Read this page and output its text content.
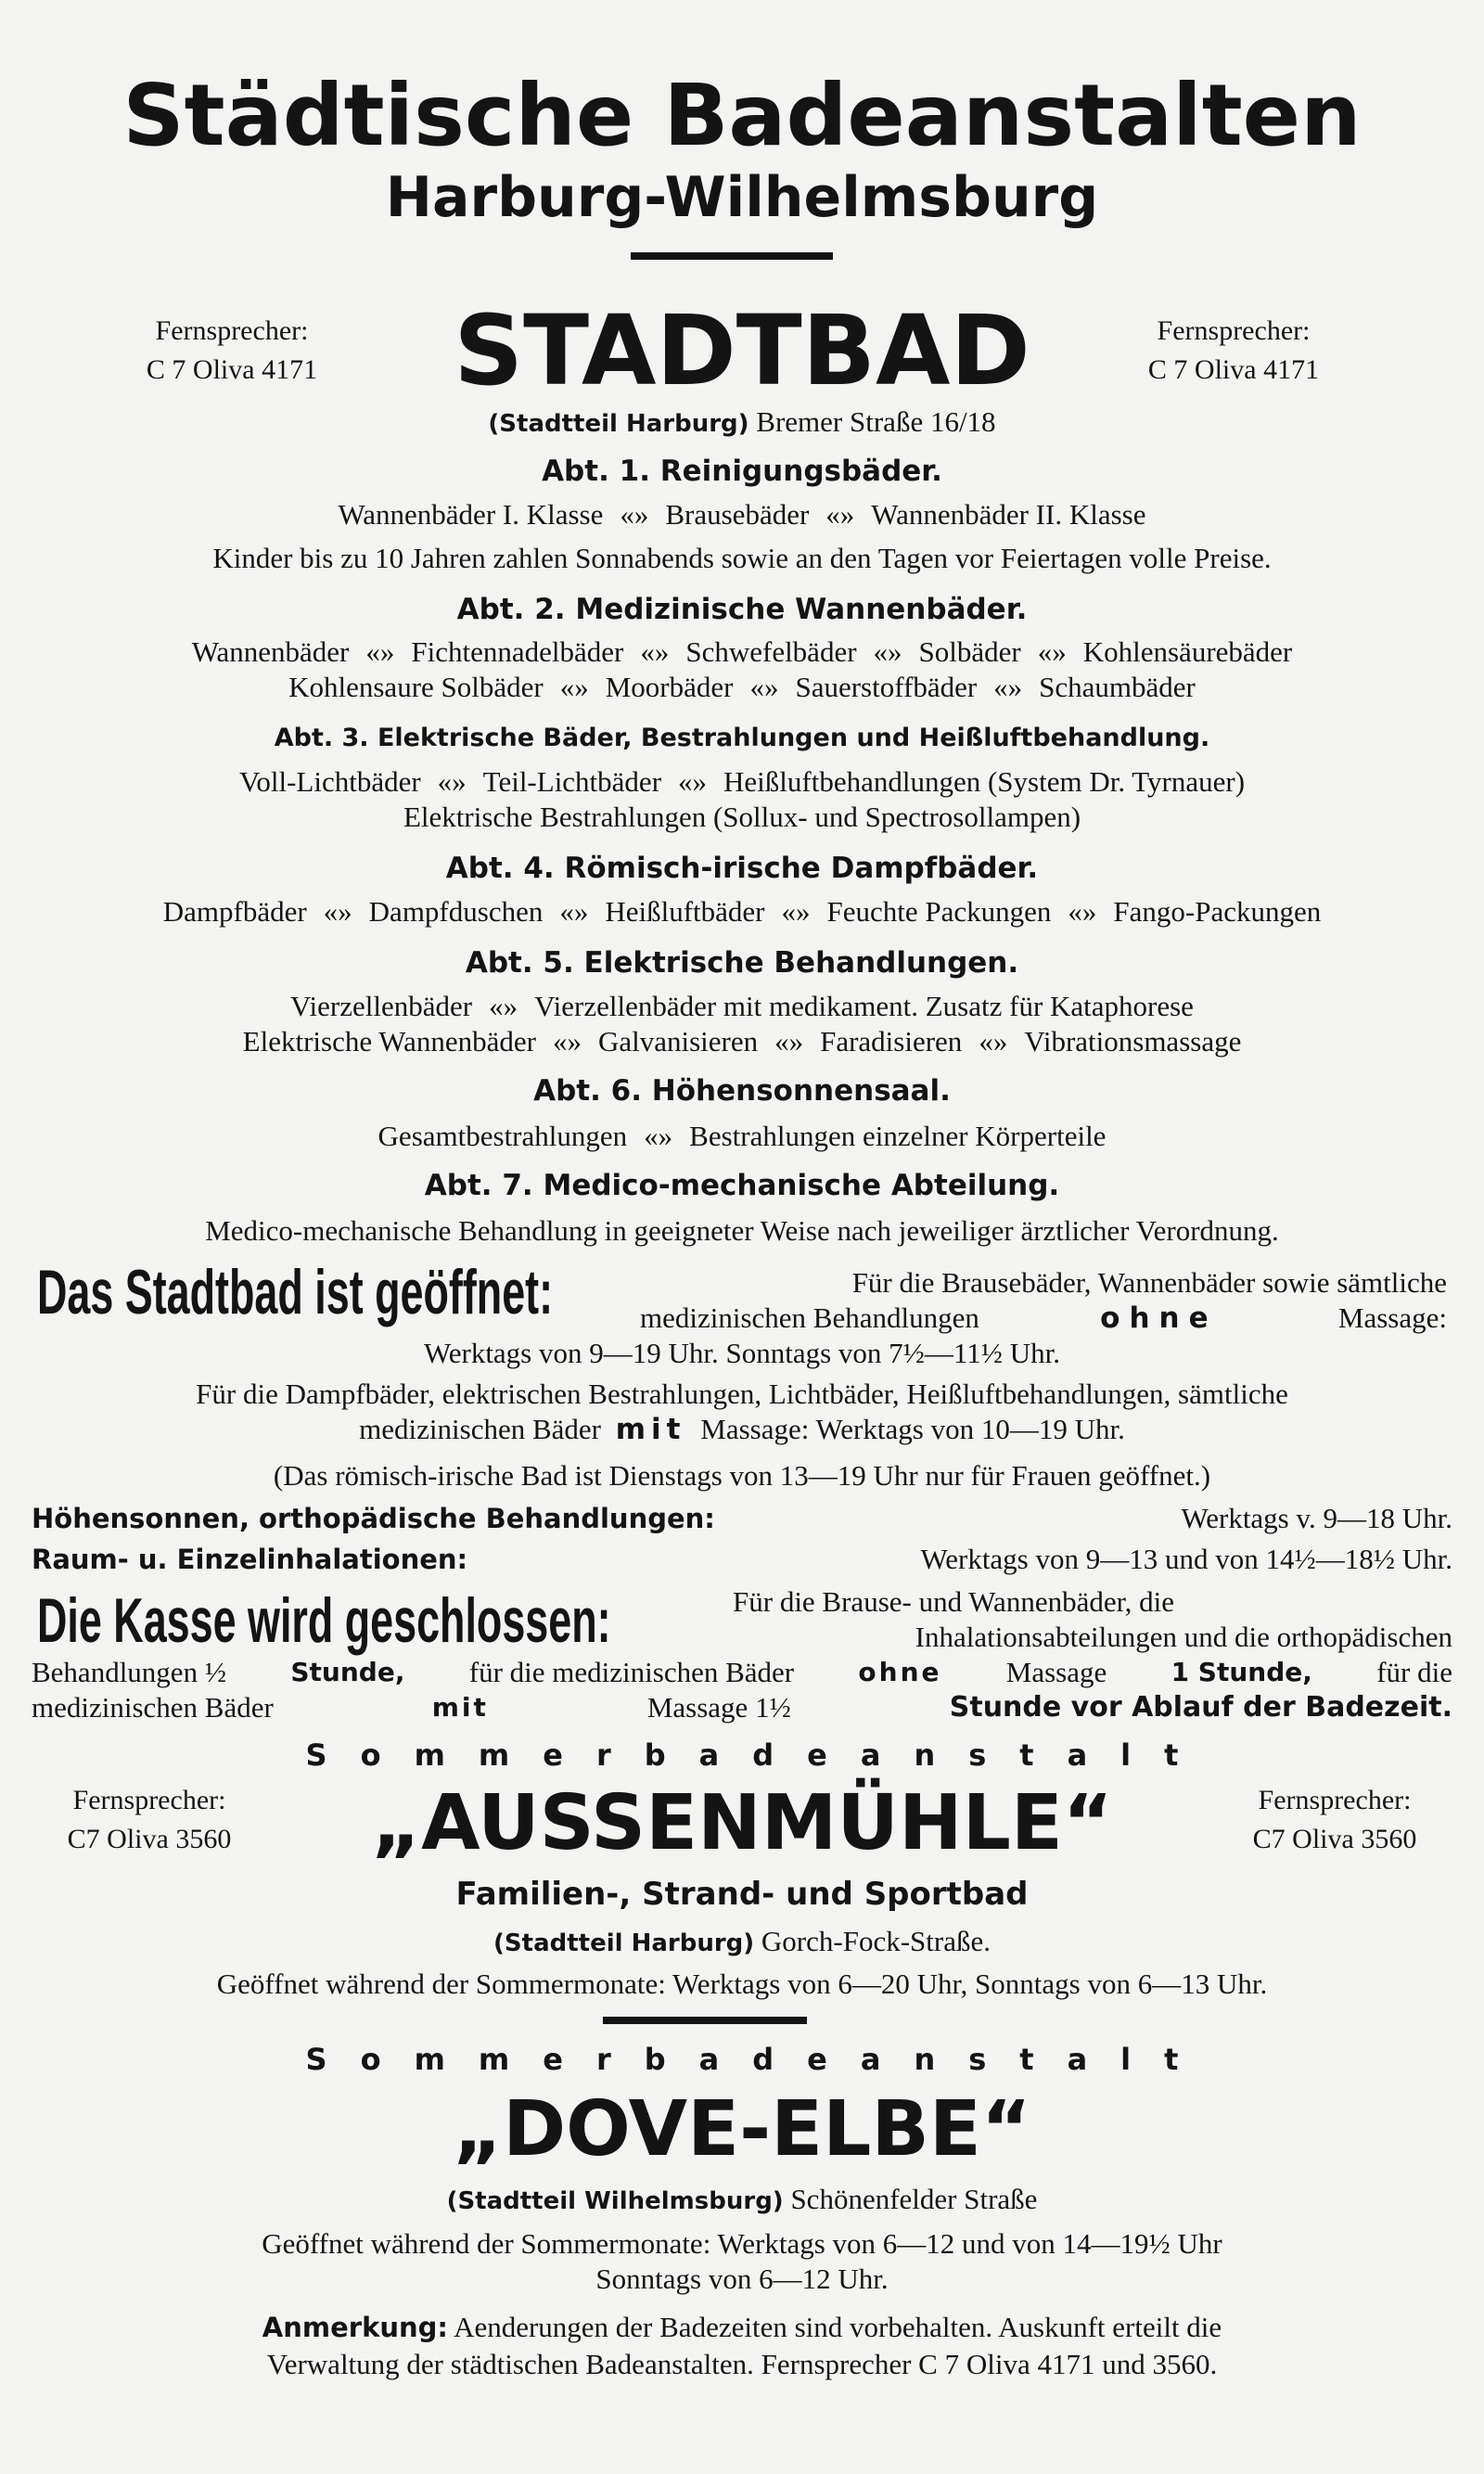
Städtische Badeanstalten
Harburg-Wilhelmsburg
Fernsprecher:
C 7 Oliva 4171
Fernsprecher:
C 7 Oliva 4171
STADTBAD
(Stadtteil Harburg) Bremer Straße 16/18
Abt. 1. Reinigungsbäder.
Wannenbäder I. Klasse «» Brausebäder «» Wannenbäder II. Klasse
Kinder bis zu 10 Jahren zahlen Sonnabends sowie an den Tagen vor Feiertagen volle Preise.
Abt. 2. Medizinische Wannenbäder.
Wannenbäder «» Fichtennadelbäder «» Schwefelbäder «» Solbäder «» Kohlensäurebäder
Kohlensaure Solbäder «» Moorbäder «» Sauerstoffbäder «» Schaumbäder
Abt. 3. Elektrische Bäder, Bestrahlungen und Heißluftbehandlung.
Voll-Lichtbäder «» Teil-Lichtbäder «» Heißluftbehandlungen (System Dr. Tyrnauer)
Elektrische Bestrahlungen (Sollux- und Spectrosollampen)
Abt. 4. Römisch-irische Dampfbäder.
Dampfbäder «» Dampfduschen «» Heißluftbäder «» Feuchte Packungen «» Fango-Packungen
Abt. 5. Elektrische Behandlungen.
Vierzellenbäder «» Vierzellenbäder mit medikament. Zusatz für Kataphorese
Elektrische Wannenbäder «» Galvanisieren «» Faradisieren «» Vibrationsmassage
Abt. 6. Höhensonnensaal.
Gesamtbestrahlungen «» Bestrahlungen einzelner Körperteile
Abt. 7. Medico-mechanische Abteilung.
Medico-mechanische Behandlung in geeigneter Weise nach jeweiliger ärztlicher Verordnung.
Das Stadtbad ist geöffnet:	Für die Brausebäder, Wannenbäder sowie sämtliche
medizinischen Behandlungen	ohne	Massage:
Werktags von 9—19 Uhr. Sonntags von 7½—11½ Uhr.
Für die Dampfbäder, elektrischen Bestrahlungen, Lichtbäder, Heißluftbehandlungen, sämtliche
medizinischen Bäder mit Massage: Werktags von 10—19 Uhr.
(Das römisch-irische Bad ist Dienstags von 13—19 Uhr nur für Frauen geöffnet.)
Höhensonnen, orthopädische Behandlungen:	Werktags v. 9—18 Uhr.
Raum- u. Einzelinhalationen:	Werktags von 9—13 und von 14½—18½ Uhr.
Die Kasse wird geschlossen:	Für die Brause- und Wannenbäder, die
Inhalationsabteilungen und die orthopädischen
Behandlungen ½ Stunde, für die medizinischen Bäder ohne Massage 1 Stunde, für die
medizinischen Bäder	mit	Massage 1½	Stunde vor Ablauf der Badezeit.
Sommerbadeanstalt
Fernsprecher:
C7 Oliva 3560
Fernsprecher:
C7 Oliva 3560
„AUSSENMÜHLE“
Familien-, Strand- und Sportbad
(Stadtteil Harburg) Gorch-Fock-Straße.
Geöffnet während der Sommermonate: Werktags von 6—20 Uhr, Sonntags von 6—13 Uhr.
Sommerbadeanstalt
„DOVE-ELBE“
(Stadtteil Wilhelmsburg) Schönenfelder Straße
Geöffnet während der Sommermonate: Werktags von 6—12 und von 14—19½ Uhr
Sonntags von 6—12 Uhr.
Anmerkung: Aenderungen der Badezeiten sind vorbehalten. Auskunft erteilt die
Verwaltung der städtischen Badeanstalten. Fernsprecher C 7 Oliva 4171 und 3560.
